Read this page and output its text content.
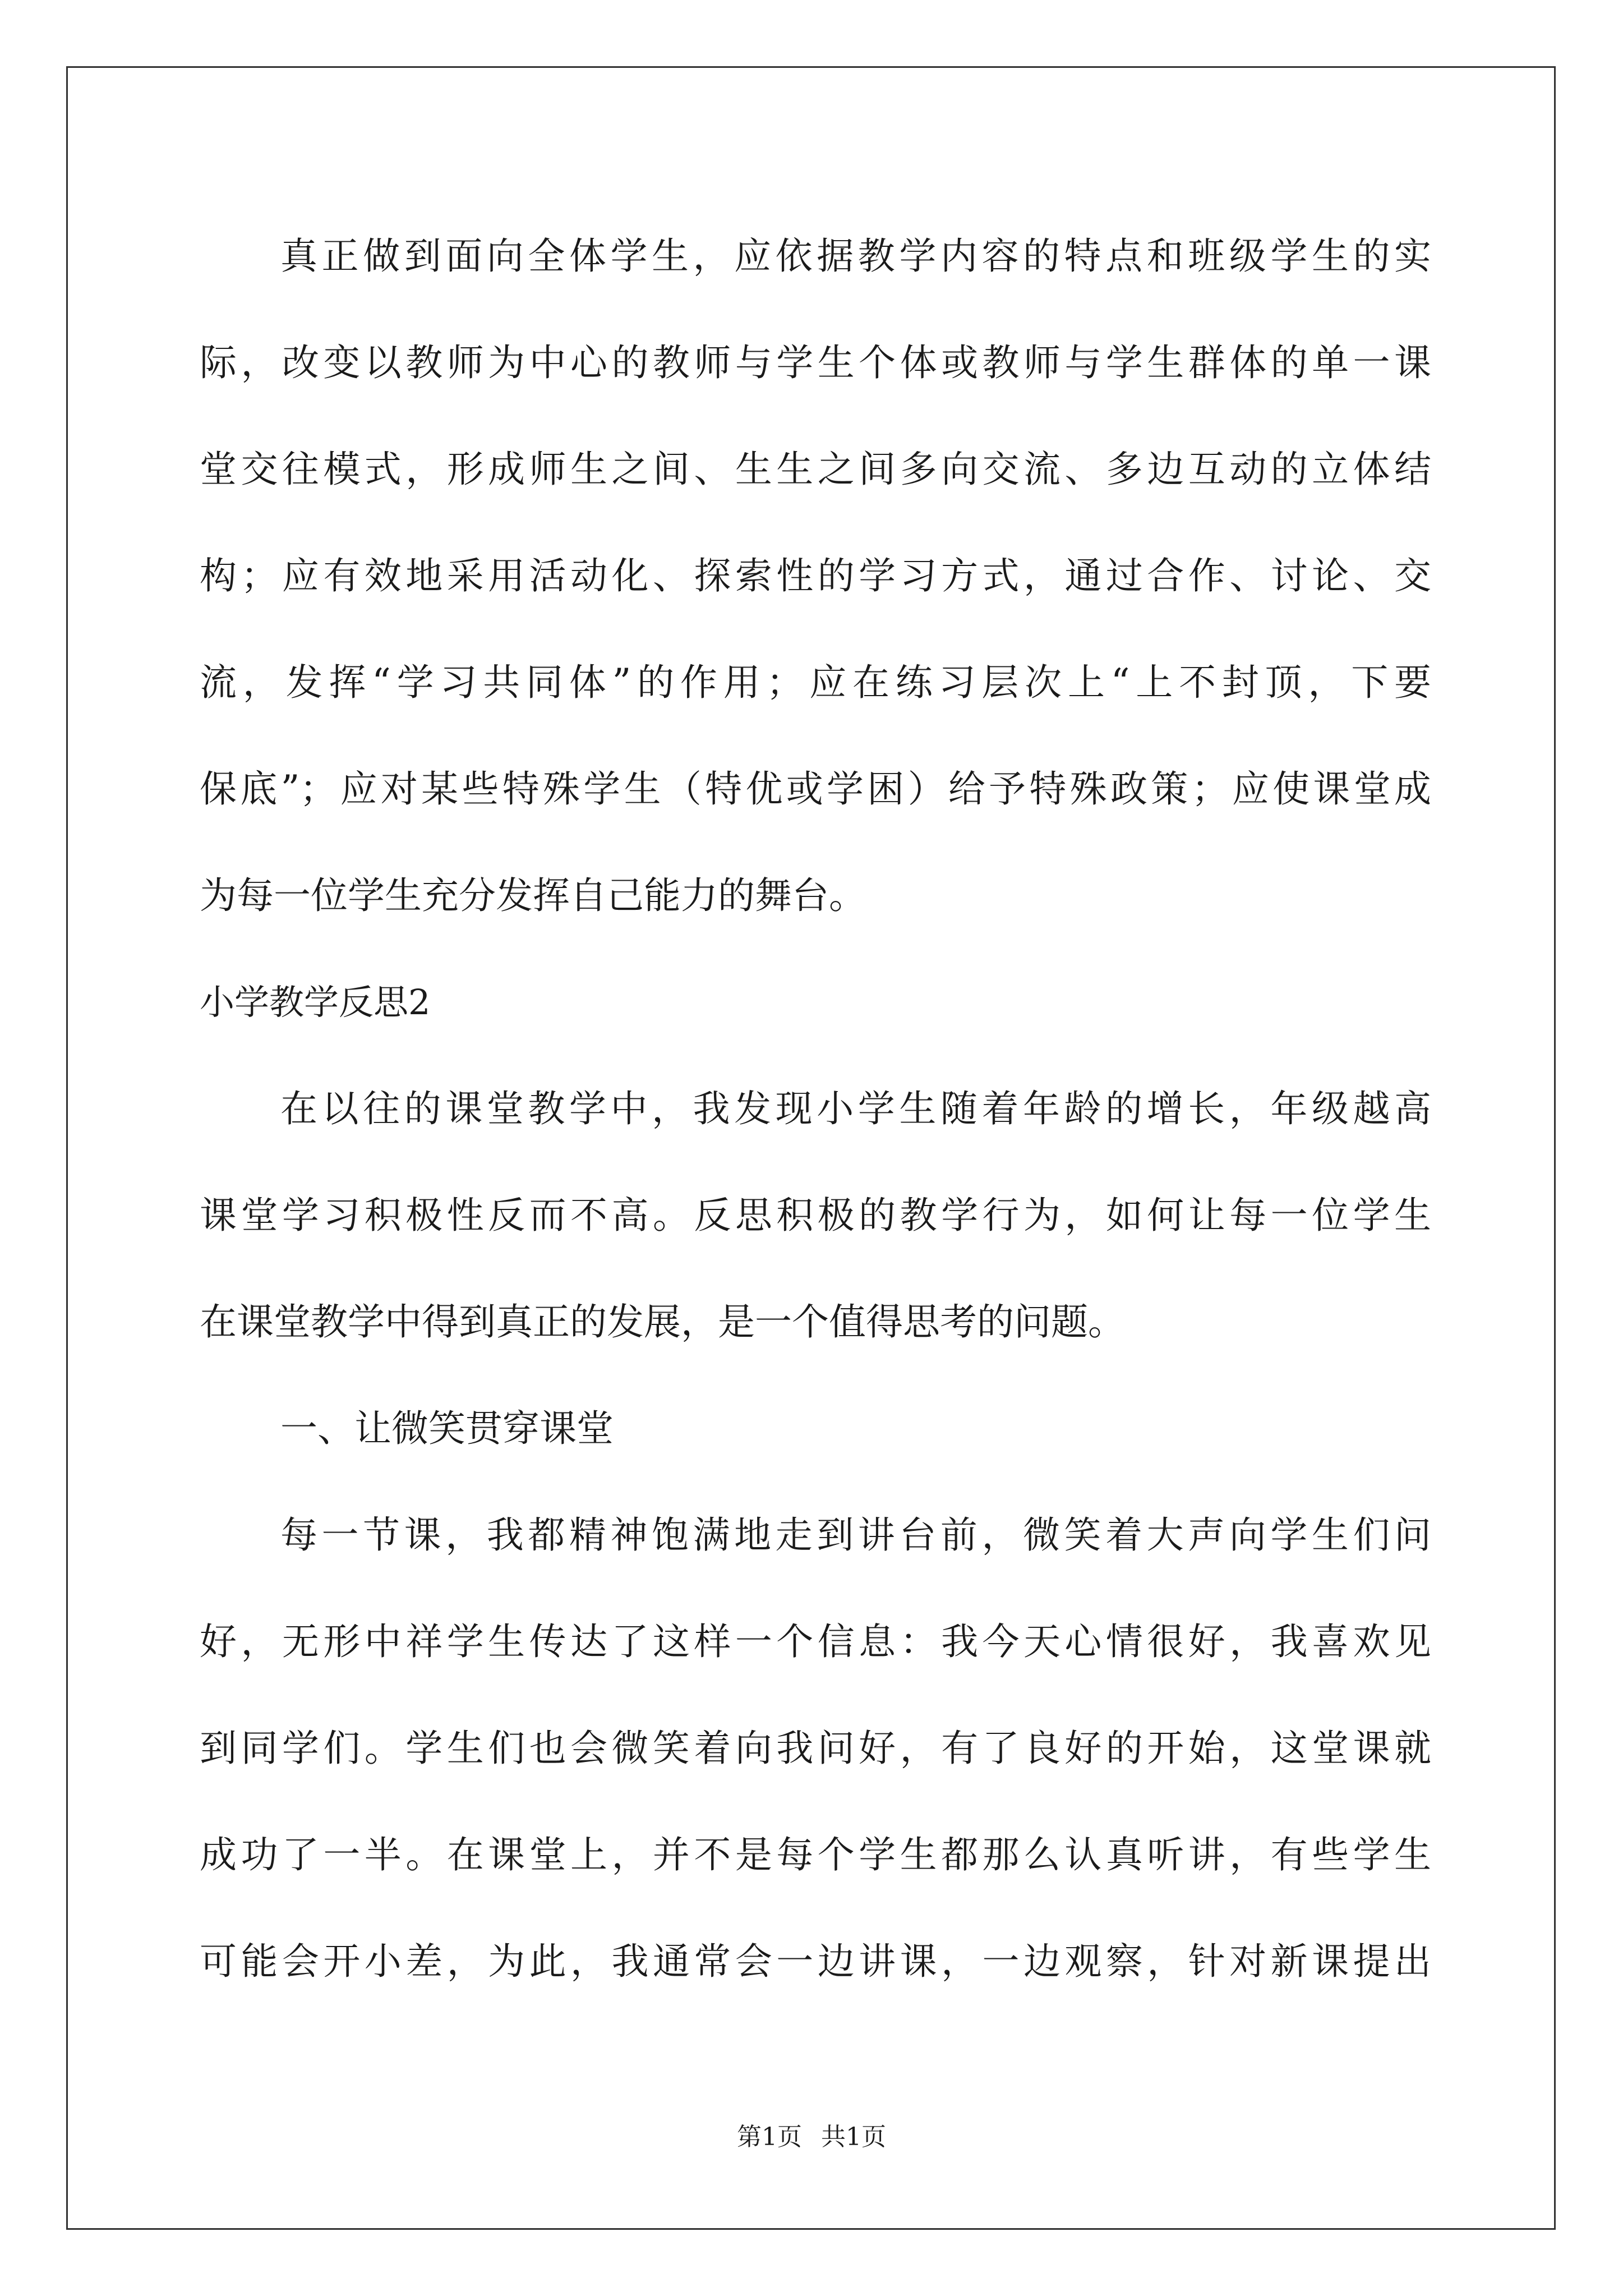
真正做到面向全体学生，应依据教学内容的特点和班级学生的实
际，改变以教师为中心的教师与学生个体或教师与学生群体的单一课
堂交往模式，形成师生之间、生生之间多向交流、多边互动的立体结
构；应有效地采用活动化、探索性的学习方式，通过合作、讨论、交
流，发挥“学习共同体”的作用；应在练习层次上“上不封顶，下要
保底”；应对某些特殊学生（特优或学困）给予特殊政策；应使课堂成
为每一位学生充分发挥自己能力的舞台。
小学教学反思2
在以往的课堂教学中，我发现小学生随着年龄的增长，年级越高
课堂学习积极性反而不高。反思积极的教学行为，如何让每一位学生
在课堂教学中得到真正的发展，是一个值得思考的问题。
一、让微笑贯穿课堂
每一节课，我都精神饱满地走到讲台前，微笑着大声向学生们问
好，无形中祥学生传达了这样一个信息：我今天心情很好，我喜欢见
到同学们。学生们也会微笑着向我问好，有了良好的开始，这堂课就
成功了一半。在课堂上，并不是每个学生都那么认真听讲，有些学生
可能会开小差，为此，我通常会一边讲课，一边观察，针对新课提出
第1页 共1页
